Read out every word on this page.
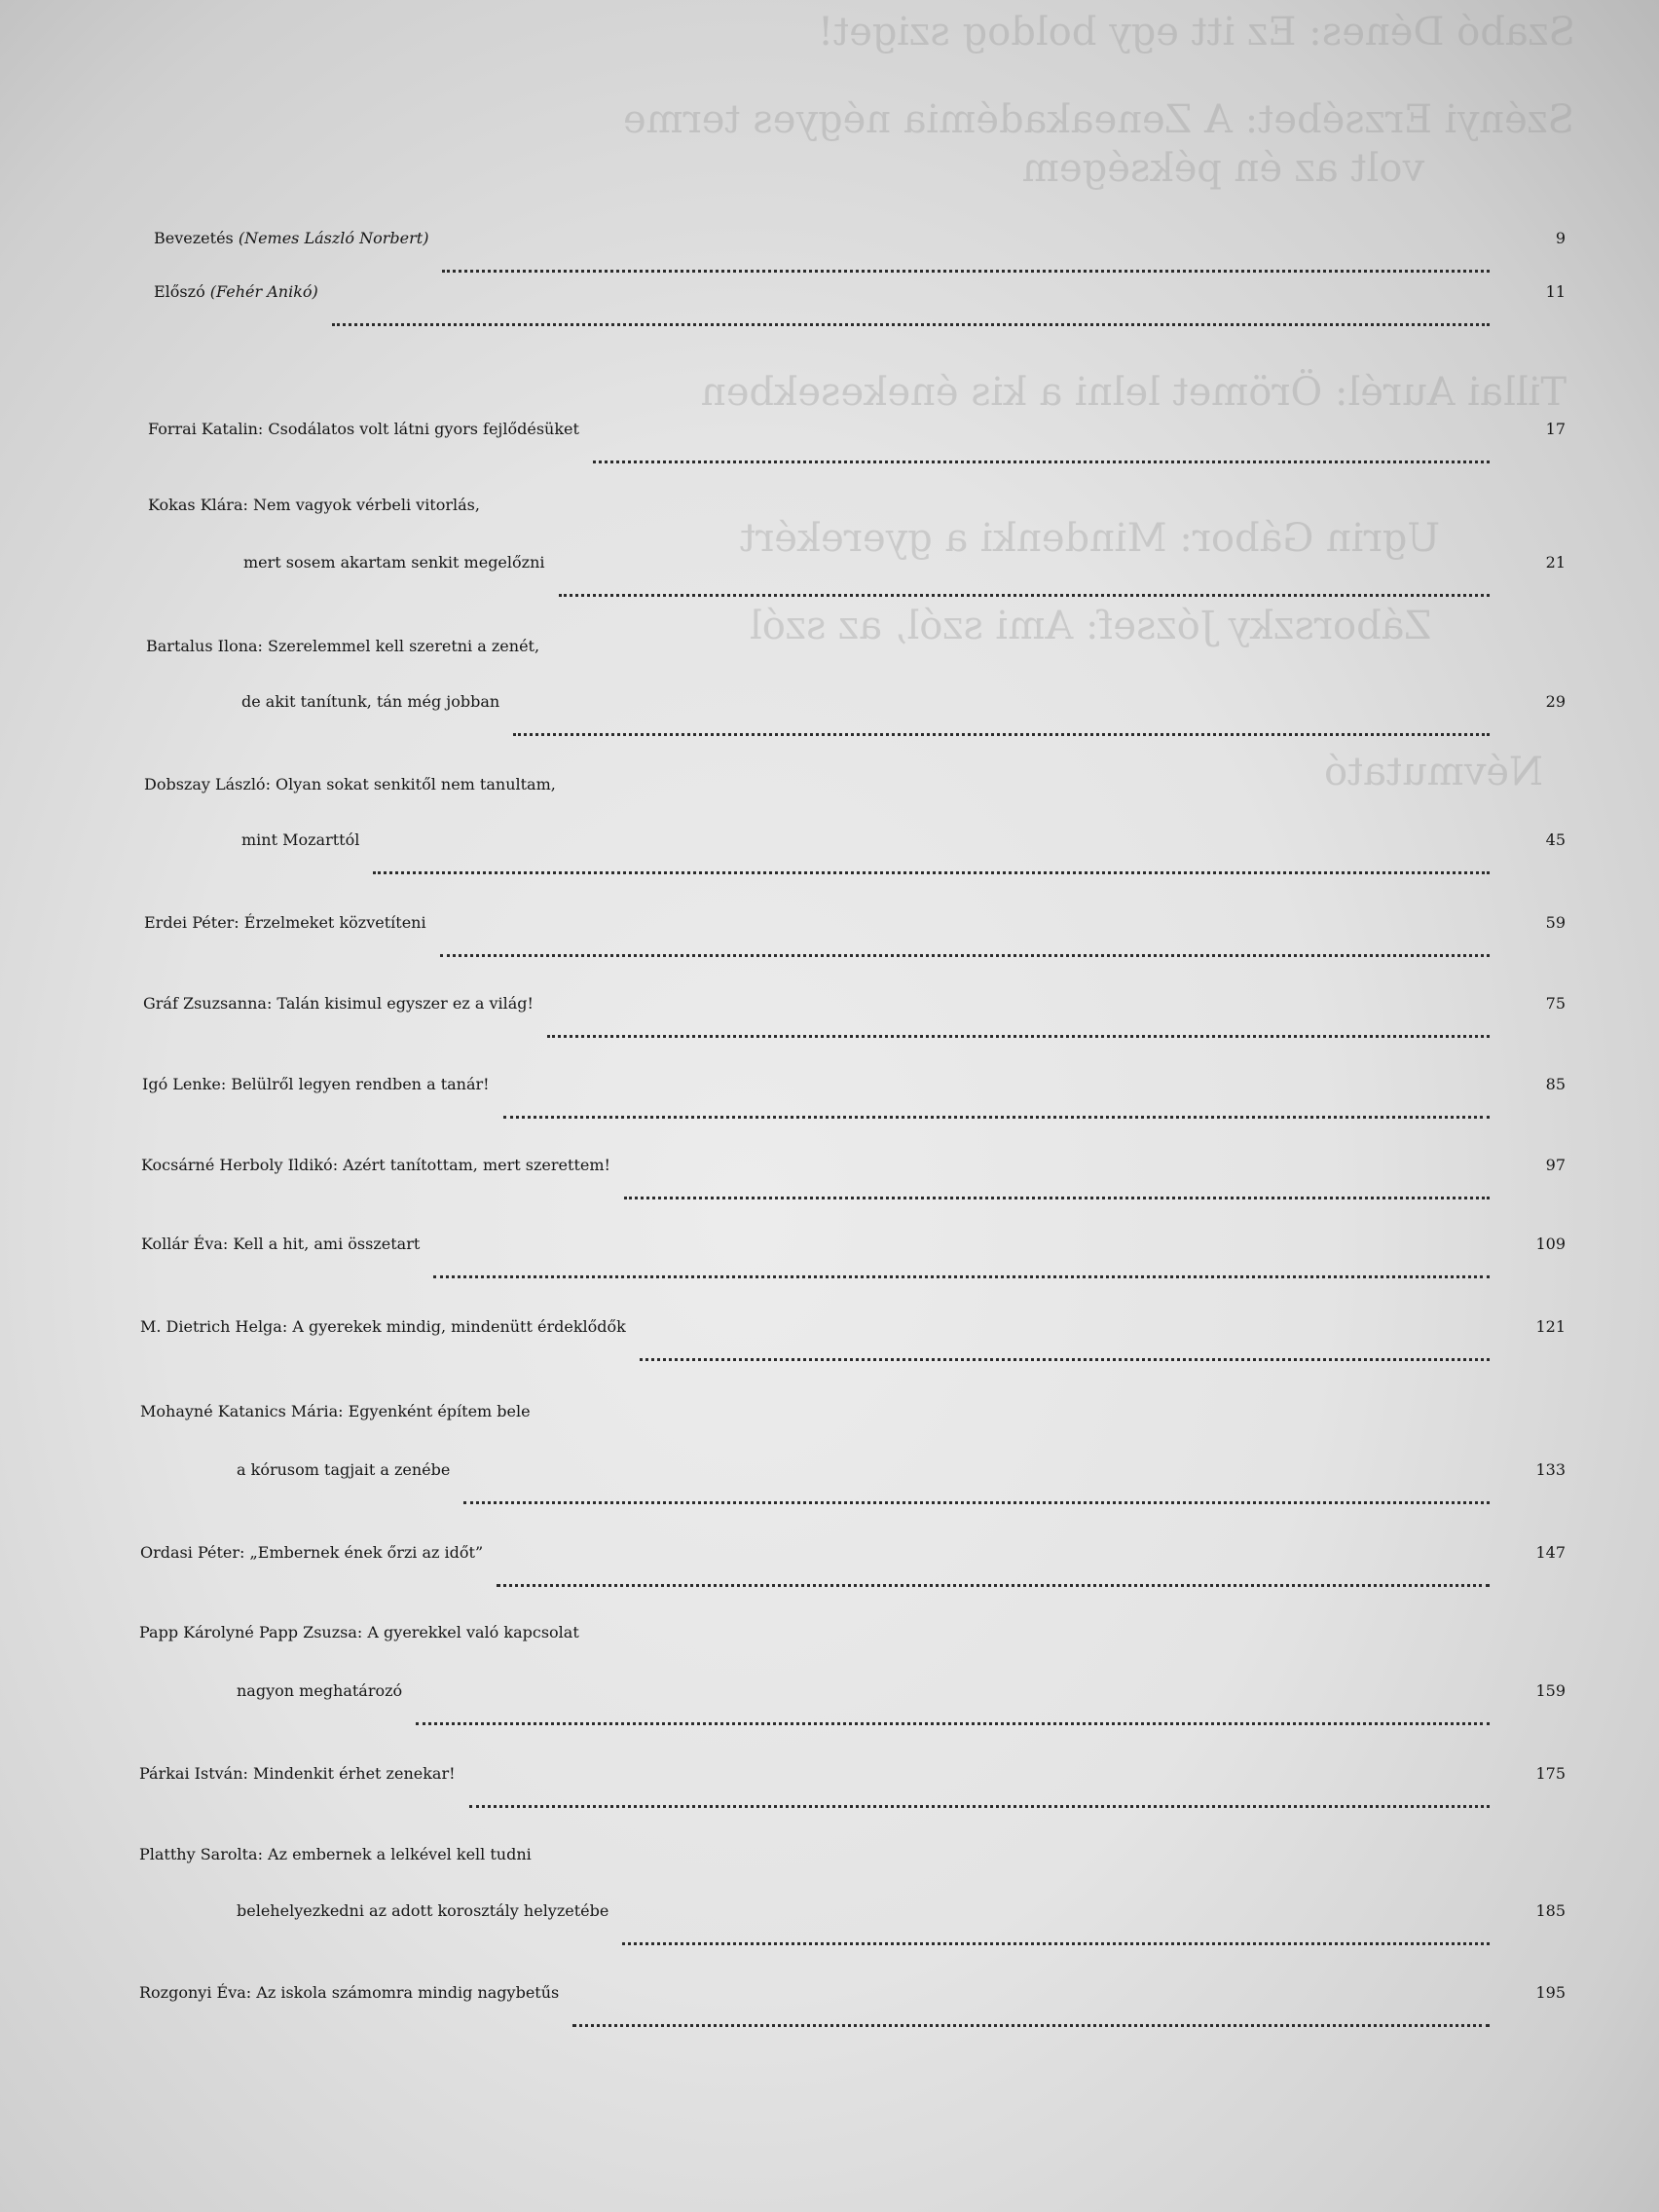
Szabó Dénes: Ez itt egy boldog sziget!
Szényi Erzsébet: A Zeneakadémia négyes terme
volt az én pékségem
Tillai Aurél: Örömet lelni a kis énekesekben
Ugrin Gábor: Mindenki a gyerekért
Záborszky József: Ami szól, az szól
Névmutató
Bevezetés (Nemes László Norbert)	9
Előszó (Fehér Anikó)	11
Forrai Katalin: Csodálatos volt látni gyors fejlődésüket	17
Kokas Klára: Nem vagyok vérbeli vitorlás,
mert sosem akartam senkit megelőzni	21
Bartalus Ilona: Szerelemmel kell szeretni a zenét,
de akit tanítunk, tán még jobban	29
Dobszay László: Olyan sokat senkitől nem tanultam,
mint Mozarttól	45
Erdei Péter: Érzelmeket közvetíteni	59
Gráf Zsuzsanna: Talán kisimul egyszer ez a világ!	75
Igó Lenke: Belülről legyen rendben a tanár!	85
Kocsárné Herboly Ildikó: Azért tanítottam, mert szerettem!	97
Kollár Éva: Kell a hit, ami összetart	109
M. Dietrich Helga: A gyerekek mindig, mindenütt érdeklődők	121
Mohayné Katanics Mária: Egyenként építem bele
a kórusom tagjait a zenébe	133
Ordasi Péter: „Embernek ének őrzi az időt”	147
Papp Károlyné Papp Zsuzsa: A gyerekkel való kapcsolat
nagyon meghatározó	159
Párkai István: Mindenkit érhet zenekar!	175
Platthy Sarolta: Az embernek a lelkével kell tudni
belehelyezkedni az adott korosztály helyzetébe	185
Rozgonyi Éva: Az iskola számomra mindig nagybetűs	195
